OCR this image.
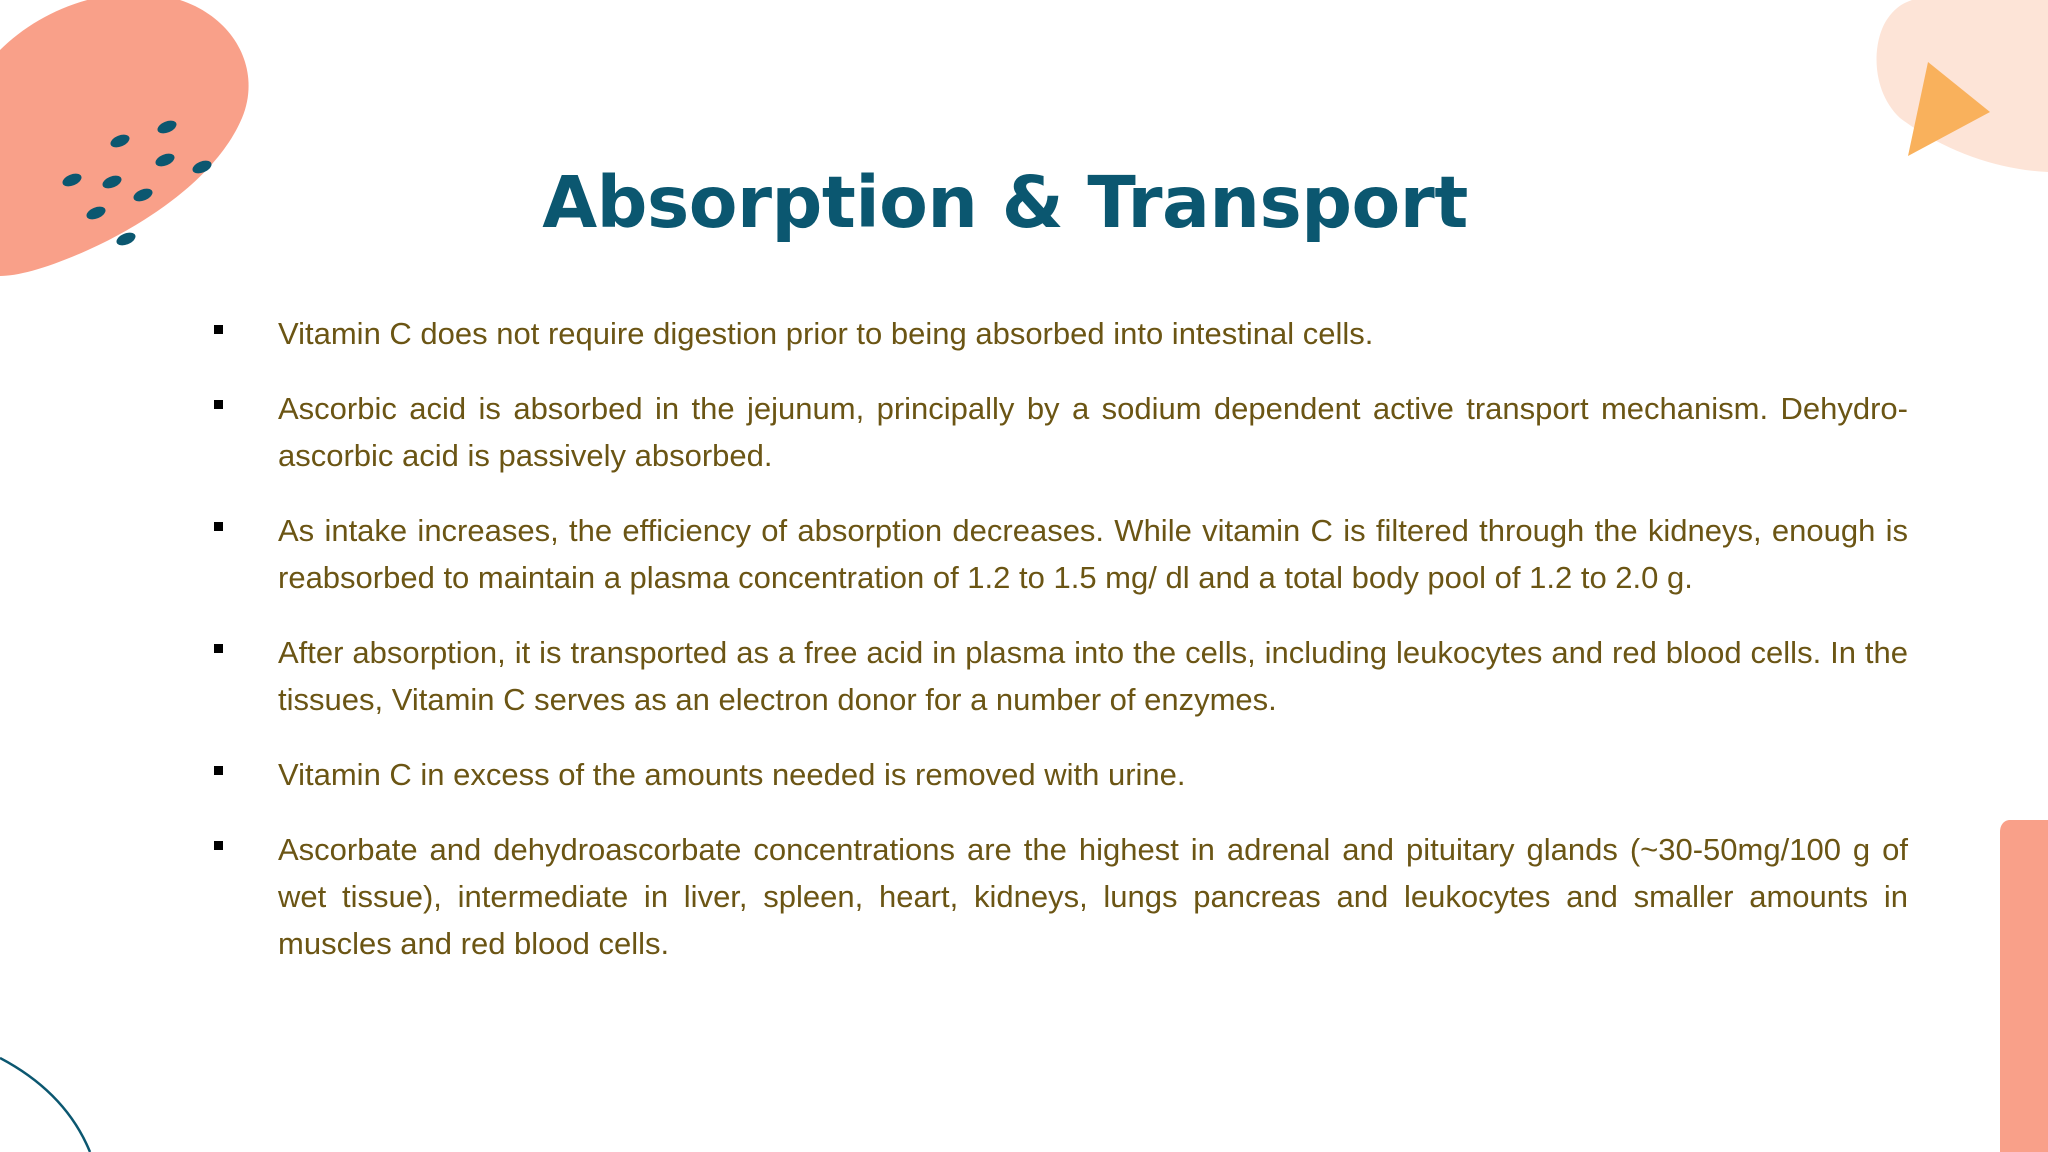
Absorption & Transport
Vitamin C does not require digestion prior to being absorbed into intestinal cells.
Ascorbic acid is absorbed in the jejunum, principally by a sodium dependent active transport mechanism. Dehydro-ascorbic acid is passively absorbed.
As intake increases, the efficiency of absorption decreases. While vitamin C is filtered through the kidneys, enough is reabsorbed to maintain a plasma concentration of 1.2 to 1.5 mg/ dl and a total body pool of 1.2 to 2.0 g.
After absorption, it is transported as a free acid in plasma into the cells, including leukocytes and red blood cells. In the tissues, Vitamin C serves as an electron donor for a number of enzymes.
Vitamin C in excess of the amounts needed is removed with urine.
Ascorbate and dehydroascorbate concentrations are the highest in adrenal and pituitary glands (~30-50mg/100 g of wet tissue), intermediate in liver, spleen, heart, kidneys, lungs pancreas and leukocytes and smaller amounts in muscles and red blood cells.
